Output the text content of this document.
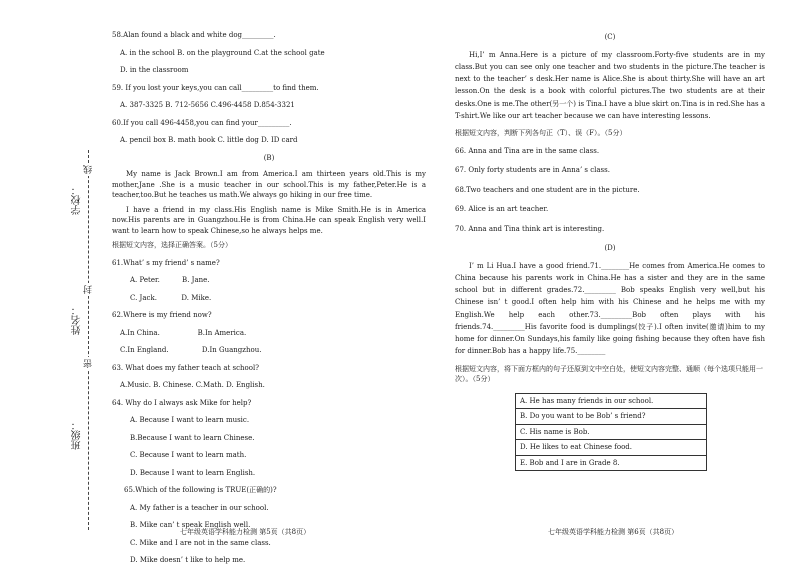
学校：
姓名：
班级：
线
封
密
58.Alan found a black and white dog_________.
A. in the school B. on the playground C.at the school gate
D. in the classroom
59. If you lost your keys,you can call_________to find them.
A. 387-3325 B. 712-5656 C.496-4458 D.854-3321
60.If you call 496-4458,you can find your_________.
A. pencil box B. math book C. little dog D. ID card
(B)

My name is Jack Brown.I am from America.I am thirteen years old.This is my mother,Jane .She is a music teacher in our school.This is my father,Peter.He is a teacher,too.But he teaches us math.We always go hiking in our free time.

I have a friend in my class.His English name is Mike Smith.He is in America now.His parents are in Guangzhou.He is from China.He can speak English very well.I want to learn how to speak Chinese,so he always helps me.

根据短文内容，选择正确答案。（5分）
61.What’ s my friend’ s name?
A. Peter.          B. Jane.
C. Jack.           D. Mike.
62.Where is my friend now?
A.In China.                 B.In America.
C.In England.               D.In Guangzhou.
63. What does my father teach at school?
A.Music. B. Chinese. C.Math. D. English.
64. Why do I always ask Mike for help?
A. Because I want to learn music.
B.Because I want to learn Chinese.
C. Because I want to learn math.
D. Because I want to learn English.
65.Which of the following is TRUE(正确的)?
A. My father is a teacher in our school.
B. Mike can’ t speak English well.
C. Mike and I are not in the same class.
D. Mike doesn’ t like to help me.
(C)

Hi,I’ m Anna.Here is a picture of my classroom.Forty-five students are in my class.But you can see only one teacher and two students in the picture.The teacher is next to the teacher’ s desk.Her name is Alice.She is about thirty.She will have an art lesson.On the desk is a book with colorful pictures.The two students are at their desks.One is me.The other(另一个) is Tina.I have a blue skirt on.Tina is in red.She has a T-shirt.We like our art teacher because we can have interesting lessons.

根据短文内容，判断下列各句正（T）、误（F）。（5分）
66. Anna and Tina are in the same class.
67. Only forty students are in Anna’ s class.
68.Two teachers and one student are in the picture.
69. Alice is an art teacher.
70. Anna and Tina think art is interesting.
(D)

I’ m Li Hua.I have a good friend.71.________He comes from America.He comes to China because his parents work in China.He has a sister and they are in the same school but in different grades.72._________ Bob speaks English very well,but his Chinese isn’ t good.I often help him with his Chinese and he helps me with my English.We help each other.73._________Bob often plays with his friends.74._________His favorite food is dumplings(饺子).I often invite(邀请)him to my home for dinner.On Sundays,his family like going fishing because they often have fish for dinner.Bob has a happy life.75.________

根据短文内容，将下面方框内的句子还原到文中空白处，使短文内容完整、通顺（每个选项只能用一次）。（5分）
A. He has many friends in our school.
B. Do you want to be Bob’ s friend?
C. His name is Bob.
D. He likes to eat Chinese food.
E. Bob and I are in Grade 8.
七年级英语学科能力检测 第5页（共8页）	七年级英语学科能力检测 第6页（共8页）
